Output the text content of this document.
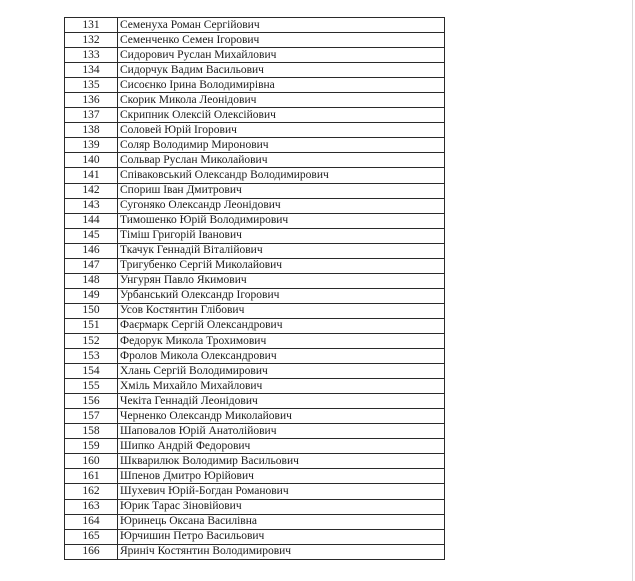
131	Семенуха Роман Сергійович
132	Семенченко Семен Ігорович
133	Сидорович Руслан Михайлович
134	Сидорчук Вадим Васильович
135	Сисоєнко Ірина Володимирівна
136	Скорик Микола Леонідович
137	Скрипник Олексій Олексійович
138	Соловей Юрій Ігорович
139	Соляр Володимир Миронович
140	Сольвар Руслан Миколайович
141	Співаковський Олександр Володимирович
142	Спориш Іван Дмитрович
143	Сугоняко Олександр Леонідович
144	Тимошенко Юрій Володимирович
145	Тіміш Григорій Іванович
146	Ткачук Геннадій Віталійович
147	Тригубенко Сергій Миколайович
148	Унгурян Павло Якимович
149	Урбанський Олександр Ігорович
150	Усов Костянтин Глібович
151	Фаєрмарк Сергій Олександрович
152	Федорук Микола Трохимович
153	Фролов Микола Олександрович
154	Хлань Сергій Володимирович
155	Хміль Михайло Михайлович
156	Чекіта Геннадій Леонідович
157	Черненко Олександр Миколайович
158	Шаповалов Юрій Анатолійович
159	Шипко Андрій Федорович
160	Шкварилюк Володимир Васильович
161	Шпенов Дмитро Юрійович
162	Шухевич Юрій-Богдан Романович
163	Юрик Тарас Зіновійович
164	Юринець Оксана Василівна
165	Юрчишин Петро Васильович
166	Яриніч Костянтин Володимирович
